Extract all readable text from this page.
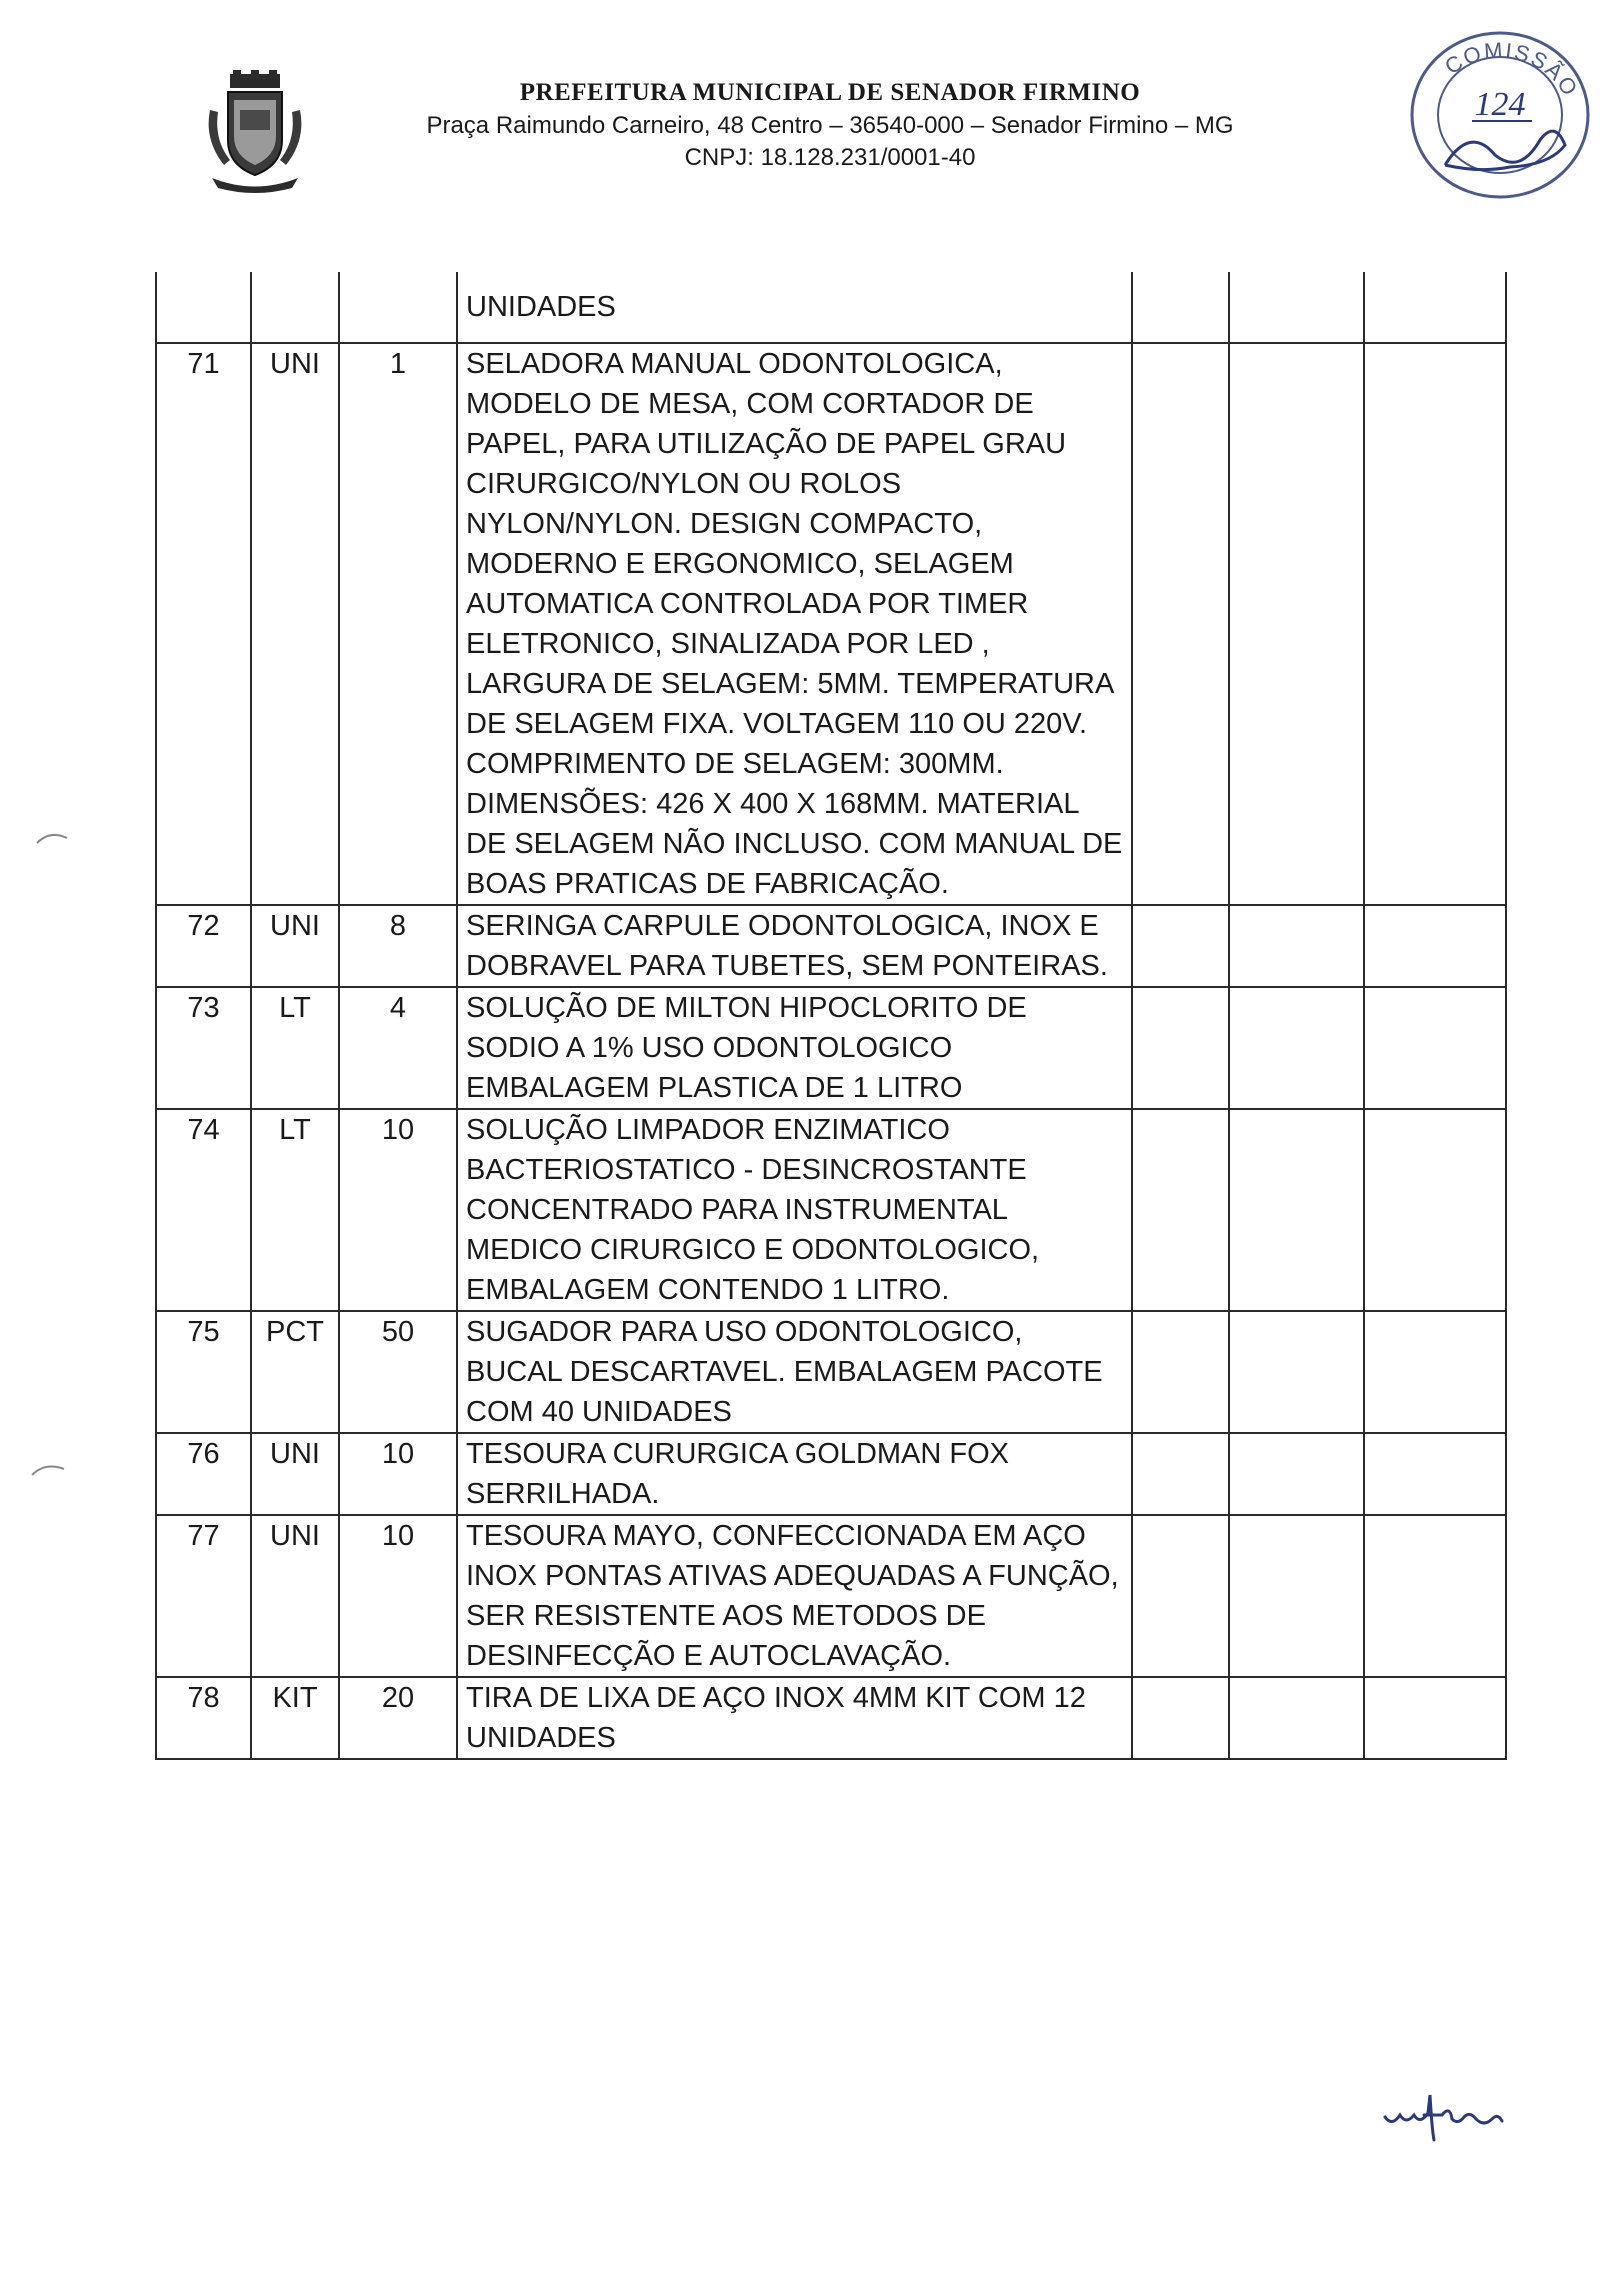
PREFEITURA MUNICIPAL DE SENADOR FIRMINO
Praça Raimundo Carneiro, 48 Centro – 36540-000 – Senador Firmino – MG
CNPJ: 18.128.231/0001-40
COMISSÃO
124
			UNIDADES			
71	UNI	1	SELADORA MANUAL ODONTOLOGICA, MODELO DE MESA, COM CORTADOR DE PAPEL, PARA UTILIZAÇÃO DE PAPEL GRAU CIRURGICO/NYLON OU ROLOS NYLON/NYLON. DESIGN COMPACTO, MODERNO E ERGONOMICO, SELAGEM AUTOMATICA CONTROLADA POR TIMER ELETRONICO, SINALIZADA POR LED , LARGURA DE SELAGEM: 5MM. TEMPERATURA DE SELAGEM FIXA. VOLTAGEM 110 OU 220V. COMPRIMENTO DE SELAGEM: 300MM. DIMENSÕES: 426 X 400 X 168MM. MATERIAL DE SELAGEM NÃO INCLUSO. COM MANUAL DE BOAS PRATICAS DE FABRICAÇÃO.			
72	UNI	8	SERINGA CARPULE ODONTOLOGICA, INOX E DOBRAVEL PARA TUBETES, SEM PONTEIRAS.			
73	LT	4	SOLUÇÃO DE MILTON HIPOCLORITO DE SODIO A 1% USO ODONTOLOGICO EMBALAGEM PLASTICA DE 1 LITRO			
74	LT	10	SOLUÇÃO LIMPADOR ENZIMATICO BACTERIOSTATICO - DESINCROSTANTE CONCENTRADO PARA INSTRUMENTAL MEDICO CIRURGICO E ODONTOLOGICO, EMBALAGEM CONTENDO 1 LITRO.			
75	PCT	50	SUGADOR PARA USO ODONTOLOGICO, BUCAL DESCARTAVEL. EMBALAGEM PACOTE COM 40 UNIDADES			
76	UNI	10	TESOURA CURURGICA GOLDMAN FOX SERRILHADA.			
77	UNI	10	TESOURA MAYO, CONFECCIONADA EM AÇO INOX PONTAS ATIVAS ADEQUADAS A FUNÇÃO, SER RESISTENTE AOS METODOS DE DESINFECÇÃO E AUTOCLAVAÇÃO.			
78	KIT	20	TIRA DE LIXA DE AÇO INOX 4MM KIT COM 12 UNIDADES			
